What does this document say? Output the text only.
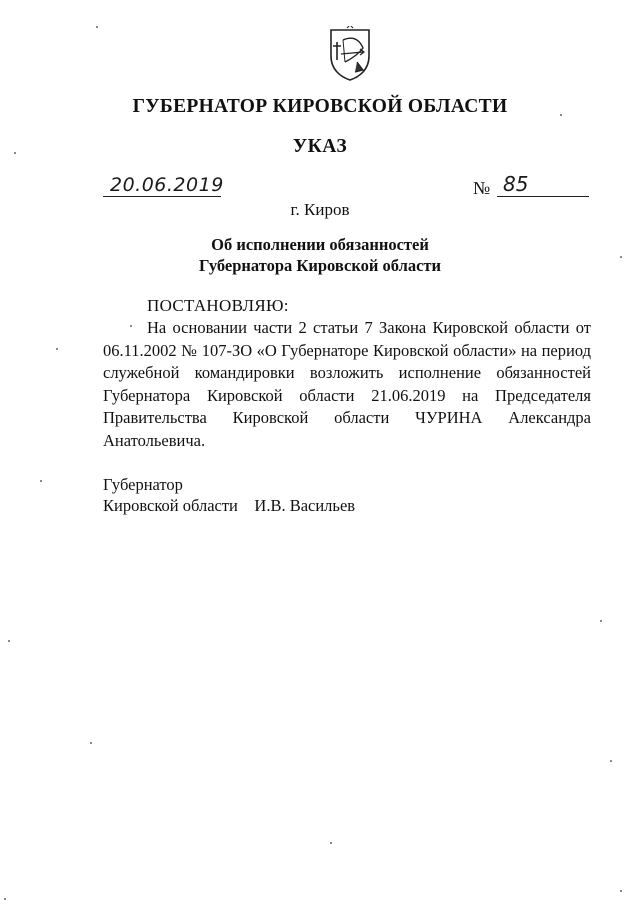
ГУБЕРНАТОР КИРОВСКОЙ ОБЛАСТИ
УКАЗ
20.06.2019	№ 85
г. Киров
Об исполнении обязанностей
Губернатора Кировской области
ПОСТАНОВЛЯЮ:
На основании части 2 статьи 7 Закона Кировской области от 06.11.2002 № 107-ЗО «О Губернаторе Кировской области» на период служебной командировки возложить исполнение обязанностей Губернатора Кировской области 21.06.2019 на Председателя Правительства Кировской области ЧУРИНА Александра Анатольевича.
Губернатор
Кировской области И.В. Васильев
